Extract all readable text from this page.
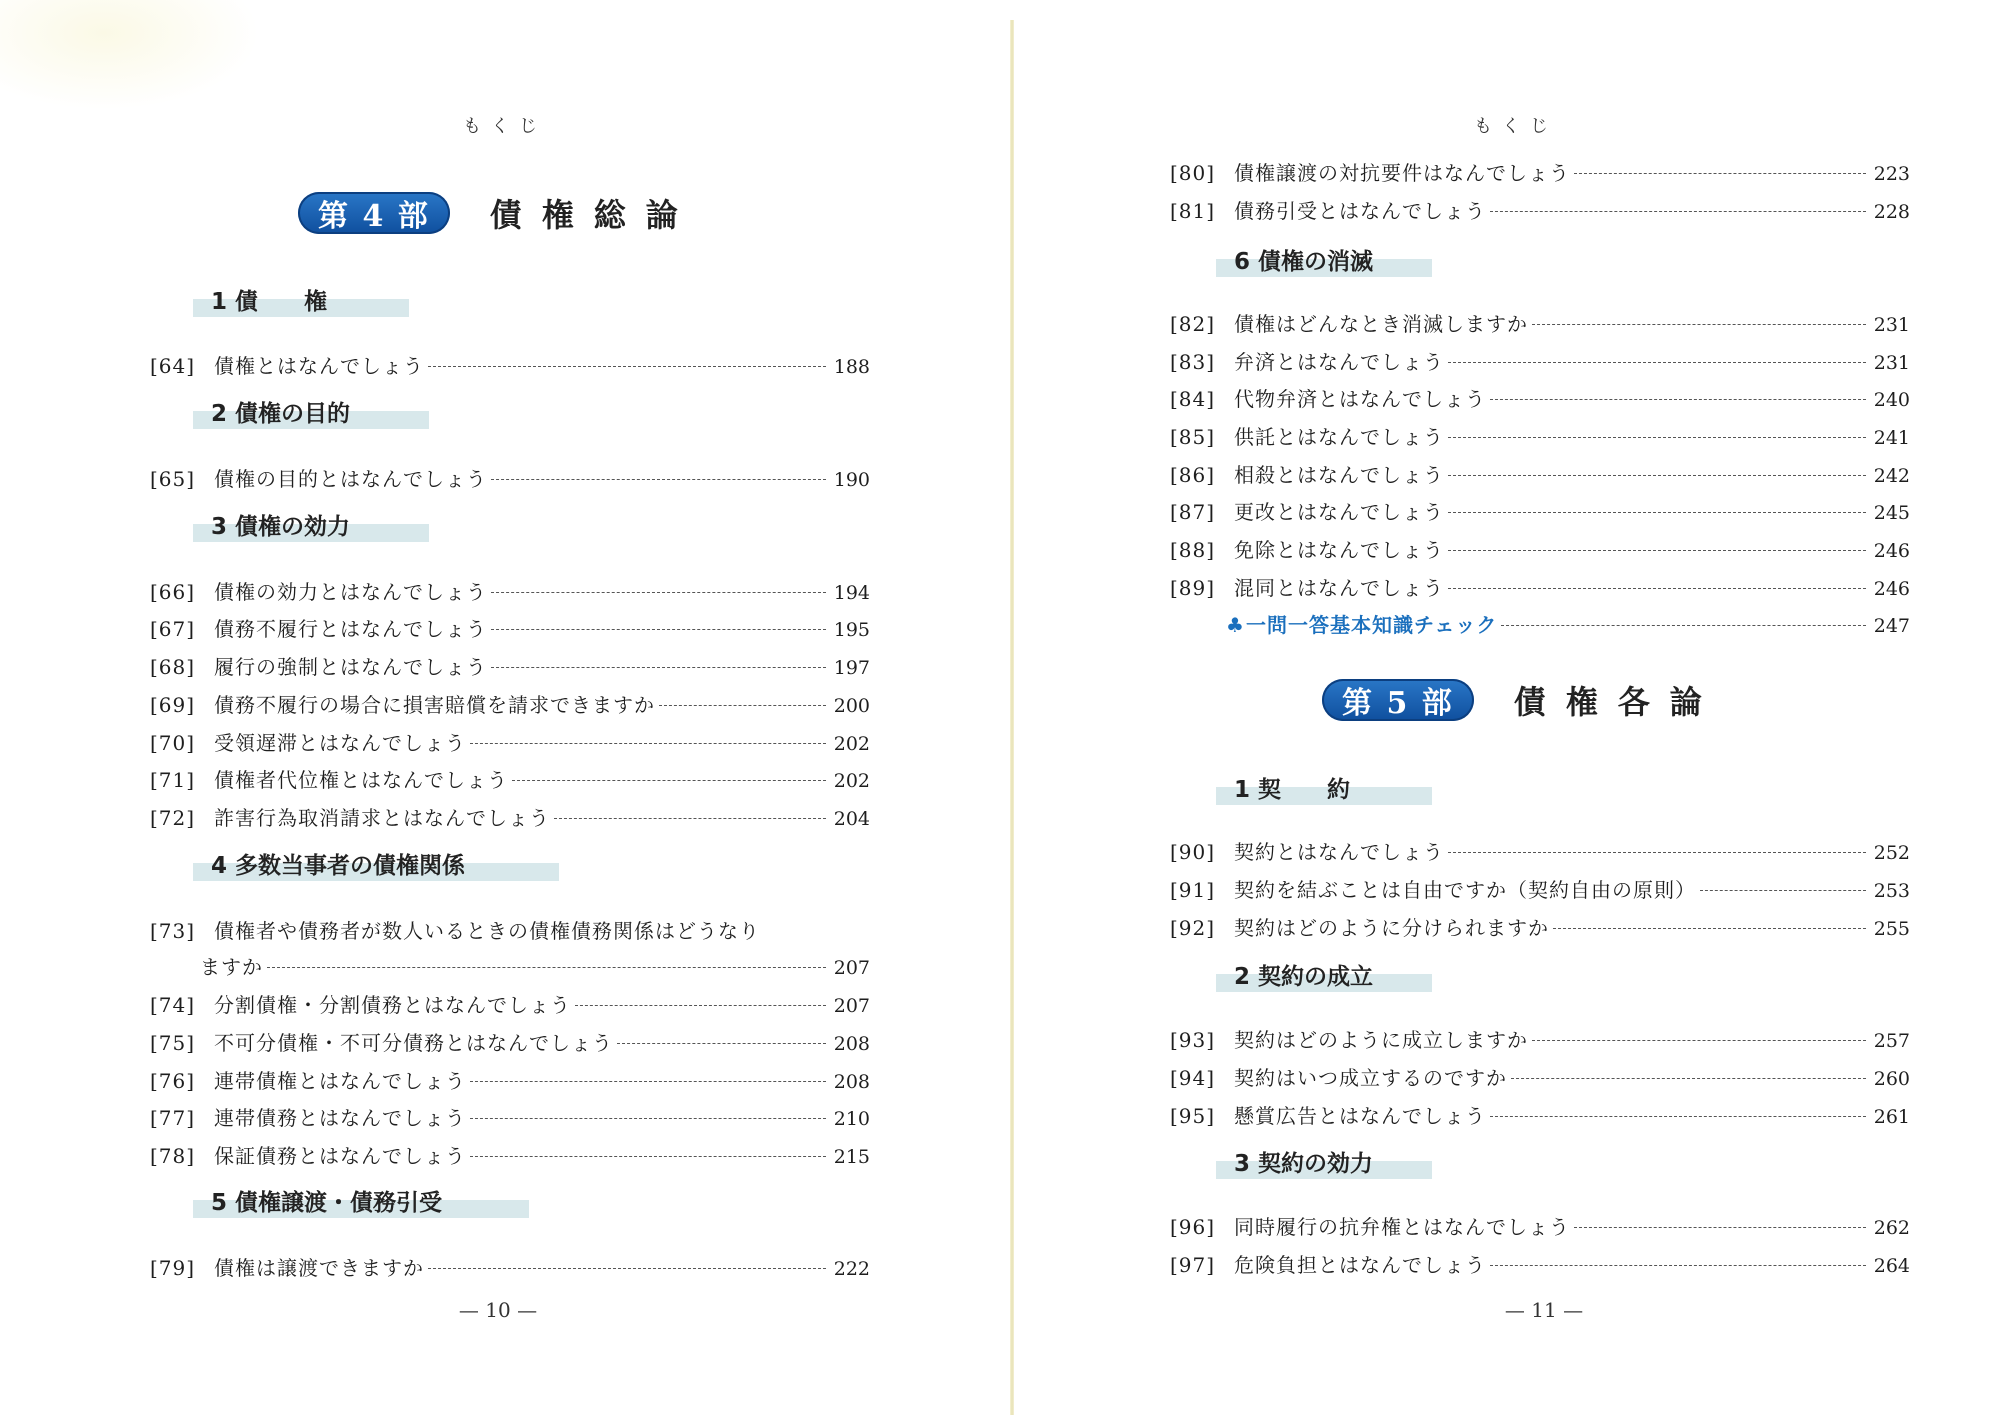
もくじ
第 4 部	債権総論
1 債　　権
[64] 債権とはなんでしょう	188
2 債権の目的
[65] 債権の目的とはなんでしょう	190
3 債権の効力
[66] 債権の効力とはなんでしょう	194
[67] 債務不履行とはなんでしょう	195
[68] 履行の強制とはなんでしょう	197
[69] 債務不履行の場合に損害賠償を請求できますか	200
[70] 受領遅滞とはなんでしょう	202
[71] 債権者代位権とはなんでしょう	202
[72] 詐害行為取消請求とはなんでしょう	204
4 多数当事者の債権関係
[73] 債権者や債務者が数人いるときの債権債務関係はどうなり
ますか	207
[74] 分割債権・分割債務とはなんでしょう	207
[75] 不可分債権・不可分債務とはなんでしょう	208
[76] 連帯債権とはなんでしょう	208
[77] 連帯債務とはなんでしょう	210
[78] 保証債務とはなんでしょう	215
5 債権譲渡・債務引受
[79] 債権は譲渡できますか	222
— 10 —
もくじ
[80] 債権譲渡の対抗要件はなんでしょう	223
[81] 債務引受とはなんでしょう	228
6 債権の消滅
[82] 債権はどんなとき消滅しますか	231
[83] 弁済とはなんでしょう	231
[84] 代物弁済とはなんでしょう	240
[85] 供託とはなんでしょう	241
[86] 相殺とはなんでしょう	242
[87] 更改とはなんでしょう	245
[88] 免除とはなんでしょう	246
[89] 混同とはなんでしょう	246
♣ 一問一答基本知識チェック	247
第 5 部	債権各論
1 契　　約
[90] 契約とはなんでしょう	252
[91] 契約を結ぶことは自由ですか（契約自由の原則）	253
[92] 契約はどのように分けられますか	255
2 契約の成立
[93] 契約はどのように成立しますか	257
[94] 契約はいつ成立するのですか	260
[95] 懸賞広告とはなんでしょう	261
3 契約の効力
[96] 同時履行の抗弁権とはなんでしょう	262
[97] 危険負担とはなんでしょう	264
— 11 —
